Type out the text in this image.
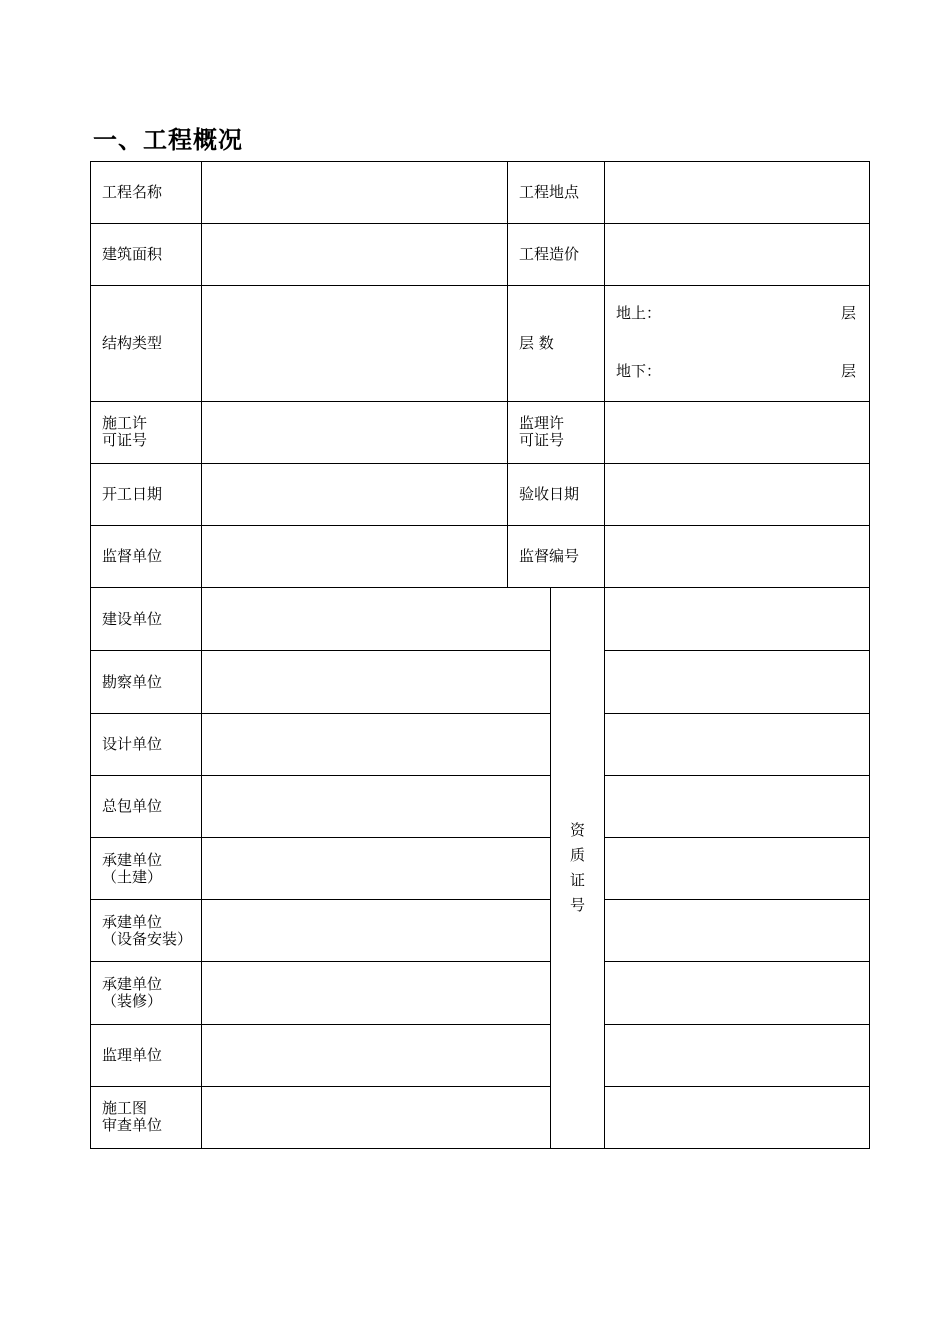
一、工程概况
工程名称		工程地点		

建筑面积		工程造价		

结构类型		层 数		地上： 层
地下： 层

施工许
可证号		监理许
可证号		

开工日期		验收日期		

监督单位		监督编号		

建设单位			资
质
证
号	

勘察单位				

设计单位				

总包单位				

承建单位
（土建）				

承建单位
（设备安装）				

承建单位
（装修）				

监理单位				

施工图
审查单位				
